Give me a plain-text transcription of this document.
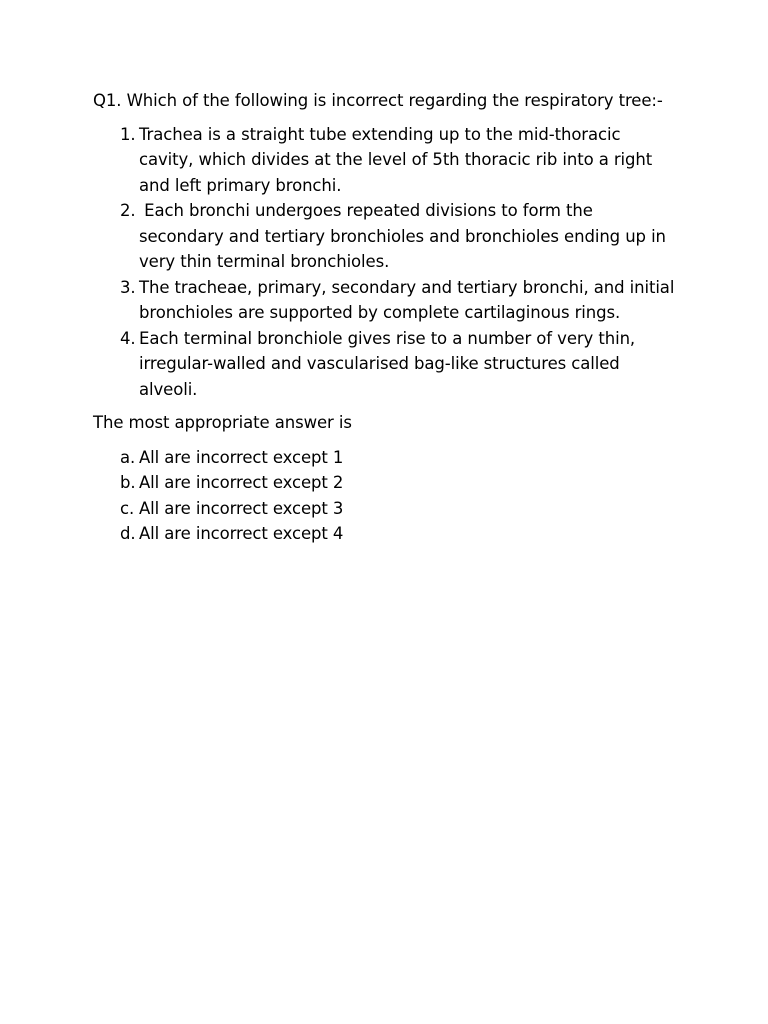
Q1. Which of the following is incorrect regarding the respiratory tree:-

1. Trachea is a straight tube extending up to the mid-thoracic cavity, which divides at the level of 5th thoracic rib into a right and left primary bronchi.
2. Each bronchi undergoes repeated divisions to form the secondary and tertiary bronchioles and bronchioles ending up in very thin terminal bronchioles.
3. The tracheae, primary, secondary and tertiary bronchi, and initial bronchioles are supported by complete cartilaginous rings.
4. Each terminal bronchiole gives rise to a number of very thin, irregular-walled and vascularised bag-like structures called alveoli.

The most appropriate answer is

a. All are incorrect except 1
b. All are incorrect except 2
c. All are incorrect except 3
d. All are incorrect except 4
